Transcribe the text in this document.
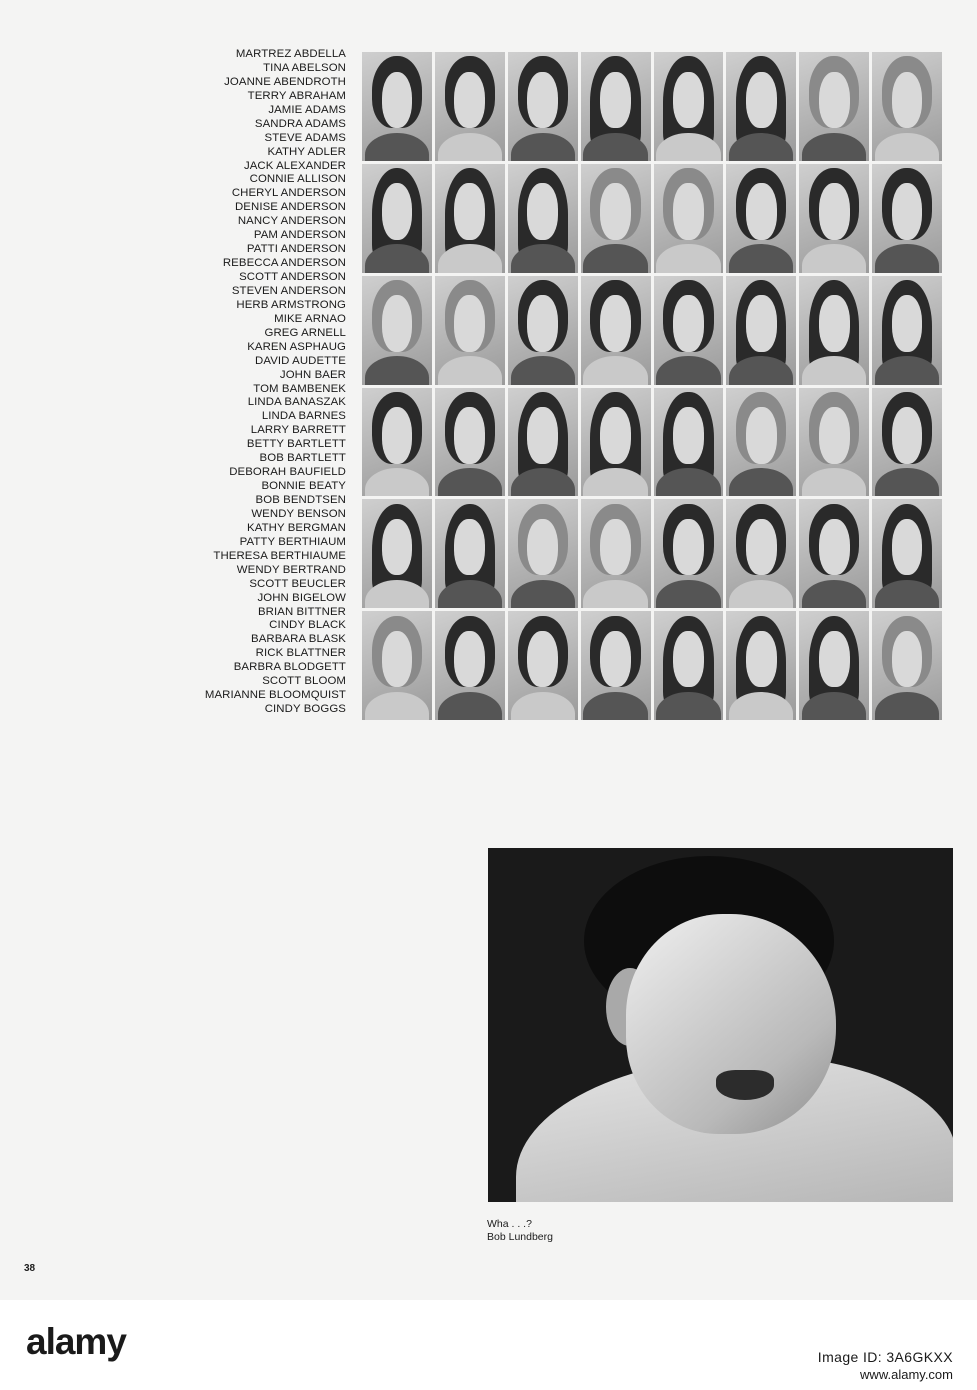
MARTREZ ABDELLA
TINA ABELSON
JOANNE ABENDROTH
TERRY ABRAHAM
JAMIE ADAMS
SANDRA ADAMS
STEVE ADAMS
KATHY ADLER
JACK ALEXANDER
CONNIE ALLISON
CHERYL ANDERSON
DENISE ANDERSON
NANCY ANDERSON
PAM ANDERSON
PATTI ANDERSON
REBECCA ANDERSON
SCOTT ANDERSON
STEVEN ANDERSON
HERB ARMSTRONG
MIKE ARNAO
GREG ARNELL
KAREN ASPHAUG
DAVID AUDETTE
JOHN BAER
TOM BAMBENEK
LINDA BANASZAK
LINDA BARNES
LARRY BARRETT
BETTY BARTLETT
BOB BARTLETT
DEBORAH BAUFIELD
BONNIE BEATY
BOB BENDTSEN
WENDY BENSON
KATHY BERGMAN
PATTY BERTHIAUM
THERESA BERTHIAUME
WENDY BERTRAND
SCOTT BEUCLER
JOHN BIGELOW
BRIAN BITTNER
CINDY BLACK
BARBARA BLASK
RICK BLATTNER
BARBRA BLODGETT
SCOTT BLOOM
MARIANNE BLOOMQUIST
CINDY BOGGS

Wha . . .?
Bob Lundberg

38

alamy	Image ID: 3A6GKXX

www.alamy.com
